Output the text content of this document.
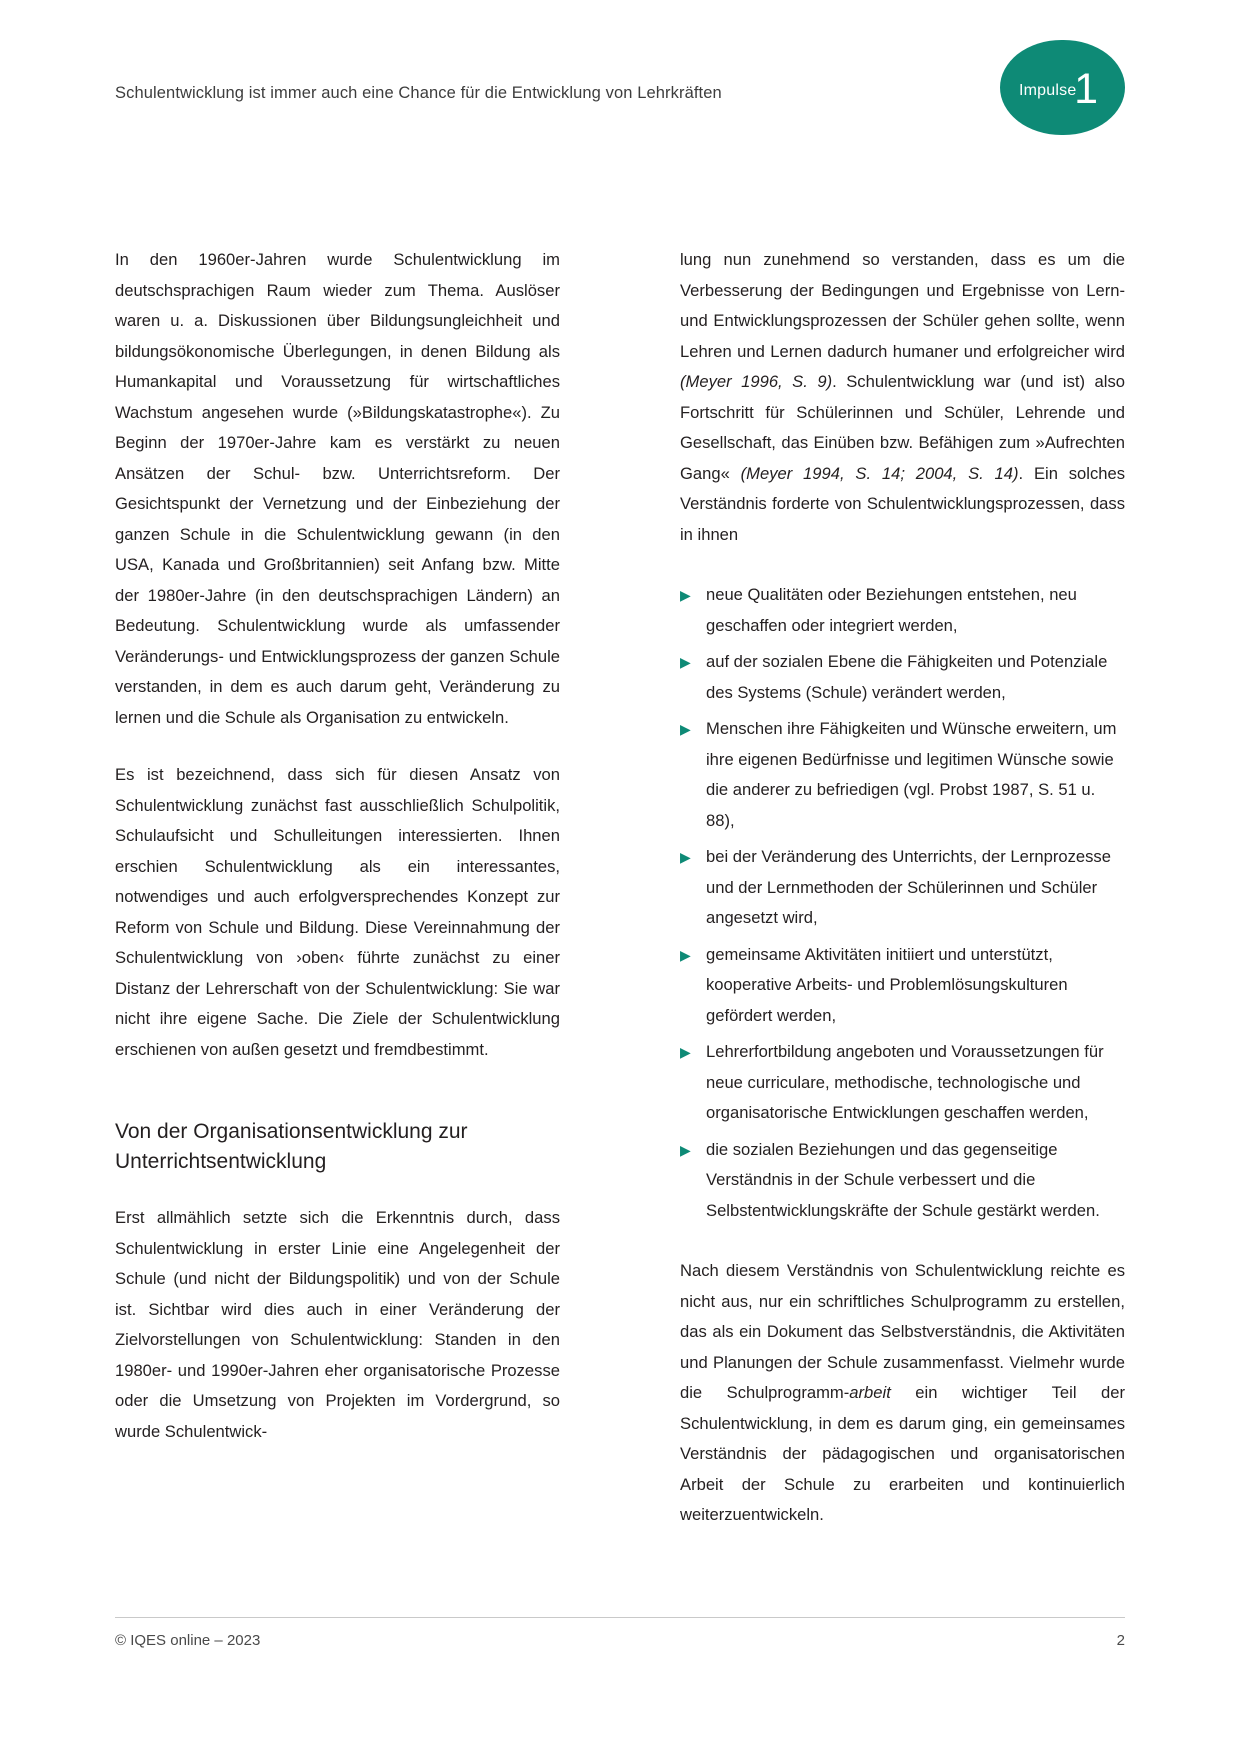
Schulentwicklung ist immer auch eine Chance für die Entwicklung von Lehrkräften	Impulse
1

In den 1960er-Jahren wurde Schulentwicklung im deutschsprachigen Raum wieder zum Thema. Auslöser waren u. a. Diskussionen über Bildungsungleichheit und bildungsökonomische Überlegungen, in denen Bildung als Humankapital und Voraussetzung für wirtschaftliches Wachstum angesehen wurde (»Bildungskatastrophe«). Zu Beginn der 1970er-Jahre kam es verstärkt zu neuen Ansätzen der Schul- bzw. Unterrichtsreform. Der Gesichtspunkt der Vernetzung und der Einbeziehung der ganzen Schule in die Schulentwicklung gewann (in den USA, Kanada und Großbritannien) seit Anfang bzw. Mitte der 1980er-Jahre (in den deutschsprachigen Ländern) an Bedeutung. Schulentwicklung wurde als umfassender Veränderungs- und Entwicklungsprozess der ganzen Schule verstanden, in dem es auch darum geht, Veränderung zu lernen und die Schule als Organisation zu entwickeln.

Es ist bezeichnend, dass sich für diesen Ansatz von Schulentwicklung zunächst fast ausschließlich Schulpolitik, Schulaufsicht und Schulleitungen interessierten. Ihnen erschien Schulentwicklung als ein interessantes, notwendiges und auch erfolgversprechendes Konzept zur Reform von Schule und Bildung. Diese Vereinnahmung der Schulentwicklung von ›oben‹ führte zunächst zu einer Distanz der Lehrerschaft von der Schulentwicklung: Sie war nicht ihre eigene Sache. Die Ziele der Schulentwicklung erschienen von außen gesetzt und fremdbestimmt.

Von der Organisationsentwicklung zur Unterrichtsentwicklung

Erst allmählich setzte sich die Erkenntnis durch, dass Schulentwicklung in erster Linie eine Angelegenheit der Schule (und nicht der Bildungspolitik) und von der Schule ist. Sichtbar wird dies auch in einer Veränderung der Zielvorstellungen von Schulentwicklung: Standen in den 1980er- und 1990er-Jahren eher organisatorische Prozesse oder die Umsetzung von Projekten im Vordergrund, so wurde Schulentwick-

lung nun zunehmend so verstanden, dass es um die Verbesserung der Bedingungen und Ergebnisse von Lern- und Entwicklungsprozessen der Schüler gehen sollte, wenn Lehren und Lernen dadurch humaner und erfolgreicher wird (Meyer 1996, S. 9). Schulentwicklung war (und ist) also Fortschritt für Schülerinnen und Schüler, Lehrende und Gesellschaft, das Einüben bzw. Befähigen zum »Aufrechten Gang« (Meyer 1994, S. 14; 2004, S. 14). Ein solches Verständnis forderte von Schulentwicklungsprozessen, dass in ihnen

▶ neue Qualitäten oder Beziehungen entstehen, neu geschaffen oder integriert werden,
▶ auf der sozialen Ebene die Fähigkeiten und Potenziale des Systems (Schule) verändert werden,
▶ Menschen ihre Fähigkeiten und Wünsche erweitern, um ihre eigenen Bedürfnisse und legitimen Wünsche sowie die anderer zu befriedigen (vgl. Probst 1987, S. 51 u. 88),
▶ bei der Veränderung des Unterrichts, der Lernprozesse und der Lernmethoden der Schülerinnen und Schüler angesetzt wird,
▶ gemeinsame Aktivitäten initiiert und unterstützt, kooperative Arbeits- und Problemlösungskulturen gefördert werden,
▶ Lehrerfortbildung angeboten und Voraussetzungen für neue curriculare, methodische, technologische und organisatorische Entwicklungen geschaffen werden,
▶ die sozialen Beziehungen und das gegenseitige Verständnis in der Schule verbessert und die Selbstentwicklungskräfte der Schule gestärkt werden.

Nach diesem Verständnis von Schulentwicklung reichte es nicht aus, nur ein schriftliches Schulprogramm zu erstellen, das als ein Dokument das Selbstverständnis, die Aktivitäten und Planungen der Schule zusammenfasst. Vielmehr wurde die Schulprogramm-arbeit ein wichtiger Teil der Schulentwicklung, in dem es darum ging, ein gemeinsames Verständnis der pädagogischen und organisatorischen Arbeit der Schule zu erarbeiten und kontinuierlich weiterzuentwickeln.

© IQES online – 2023	2
